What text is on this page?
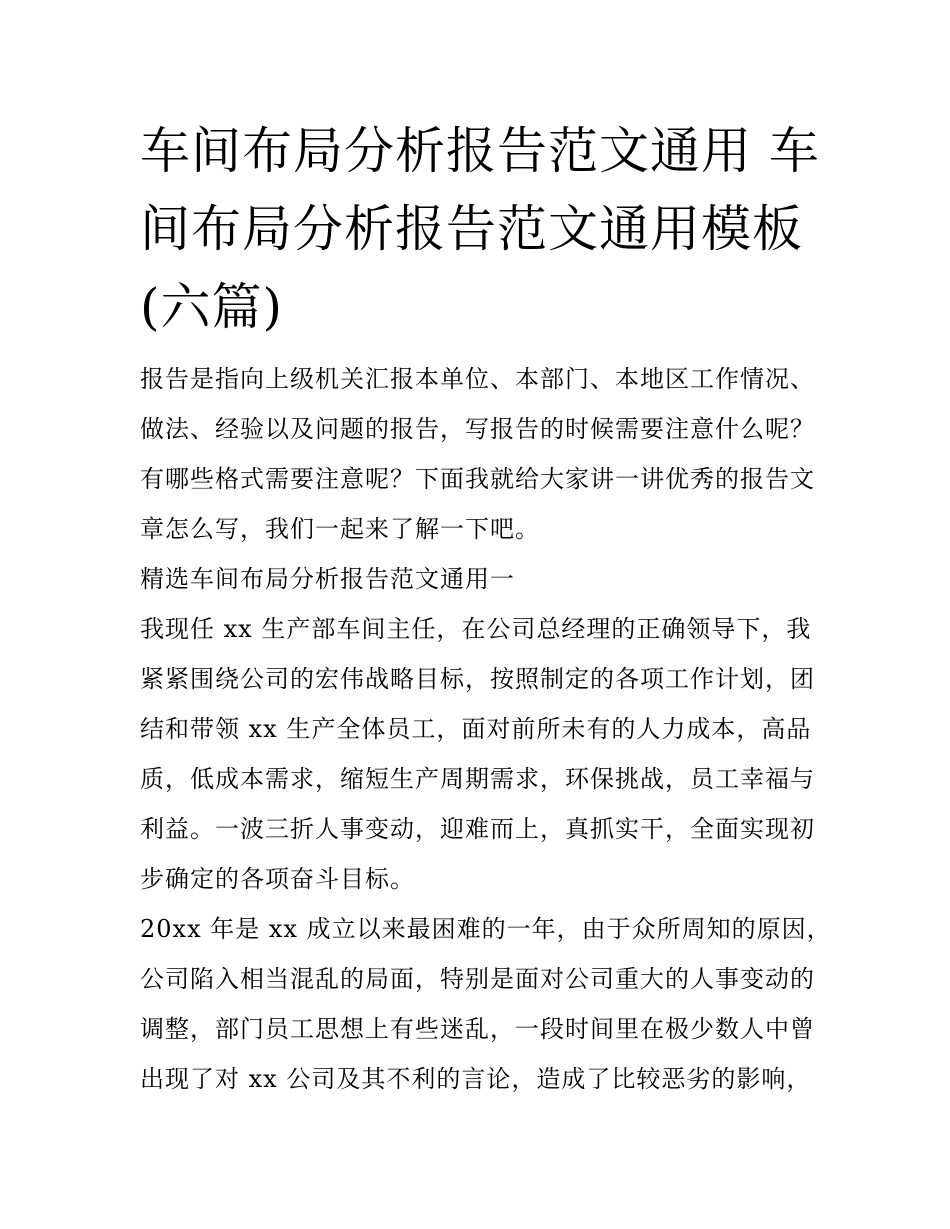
车间布局分析报告范文通用 车
间布局分析报告范文通用模板
(六篇)

报告是指向上级机关汇报本单位、本部门、本地区工作情况、
做法、经验以及问题的报告，写报告的时候需要注意什么呢？
有哪些格式需要注意呢？下面我就给大家讲一讲优秀的报告文
章怎么写，我们一起来了解一下吧。

精选车间布局分析报告范文通用一

我现任 xx 生产部车间主任，在公司总经理的正确领导下，我
紧紧围绕公司的宏伟战略目标，按照制定的各项工作计划，团
结和带领 xx 生产全体员工，面对前所未有的人力成本，高品
质，低成本需求，缩短生产周期需求，环保挑战，员工幸福与
利益。一波三折人事变动，迎难而上，真抓实干，全面实现初
步确定的各项奋斗目标。

20xx 年是 xx 成立以来最困难的一年，由于众所周知的原因，
公司陷入相当混乱的局面，特别是面对公司重大的人事变动的
调整，部门员工思想上有些迷乱，一段时间里在极少数人中曾
出现了对 xx 公司及其不利的言论，造成了比较恶劣的影响，
